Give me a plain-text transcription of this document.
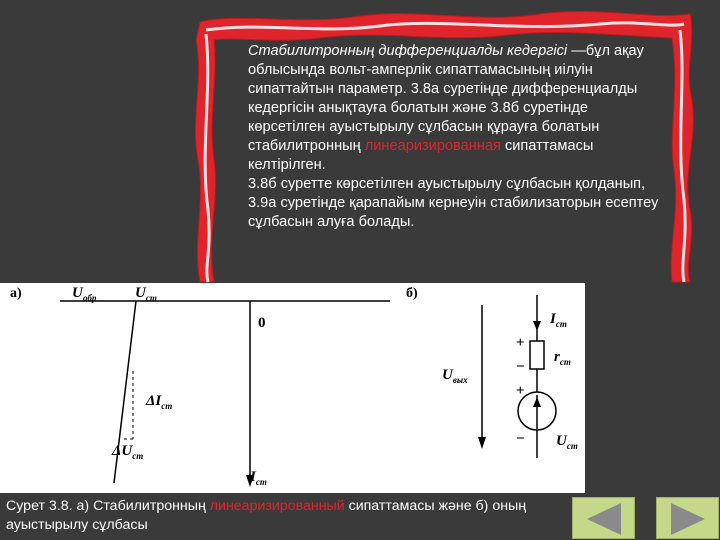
Стабилитронның дифференциалды кедергісі —бұл ақау облысында вольт-амперлік сипаттамасының иілуін сипаттайтын параметр. 3.8а суретінде дифференциалды кедергісін анықтауға болатын және 3.8б суретінде көрсетілген ауыстырылу сұлбасын құрауға болатын стабилитронның линеаризированная сипаттамасы келтірілген.

3.8б суретте көрсетілген ауыстырылу сұлбасын қолданып, 3.9а суретінде қарапайым кернеуін стабилизаторын есептеу сұлбасын алуға болады.

а)	б)
$U_{обр}$	$U_{ст}$
0
$\Delta I_{ст}$
$\Delta U_{ст}$
$I_{ст}$
$I_{ст}$
$r_{ст}$
$U_{вых}$
$U_{ст}$
+
−
+
−
Сурет 3.8. а) Стабилитронның линеаризированный сипаттамасы және б) оның ауыстырылу сұлбасы
